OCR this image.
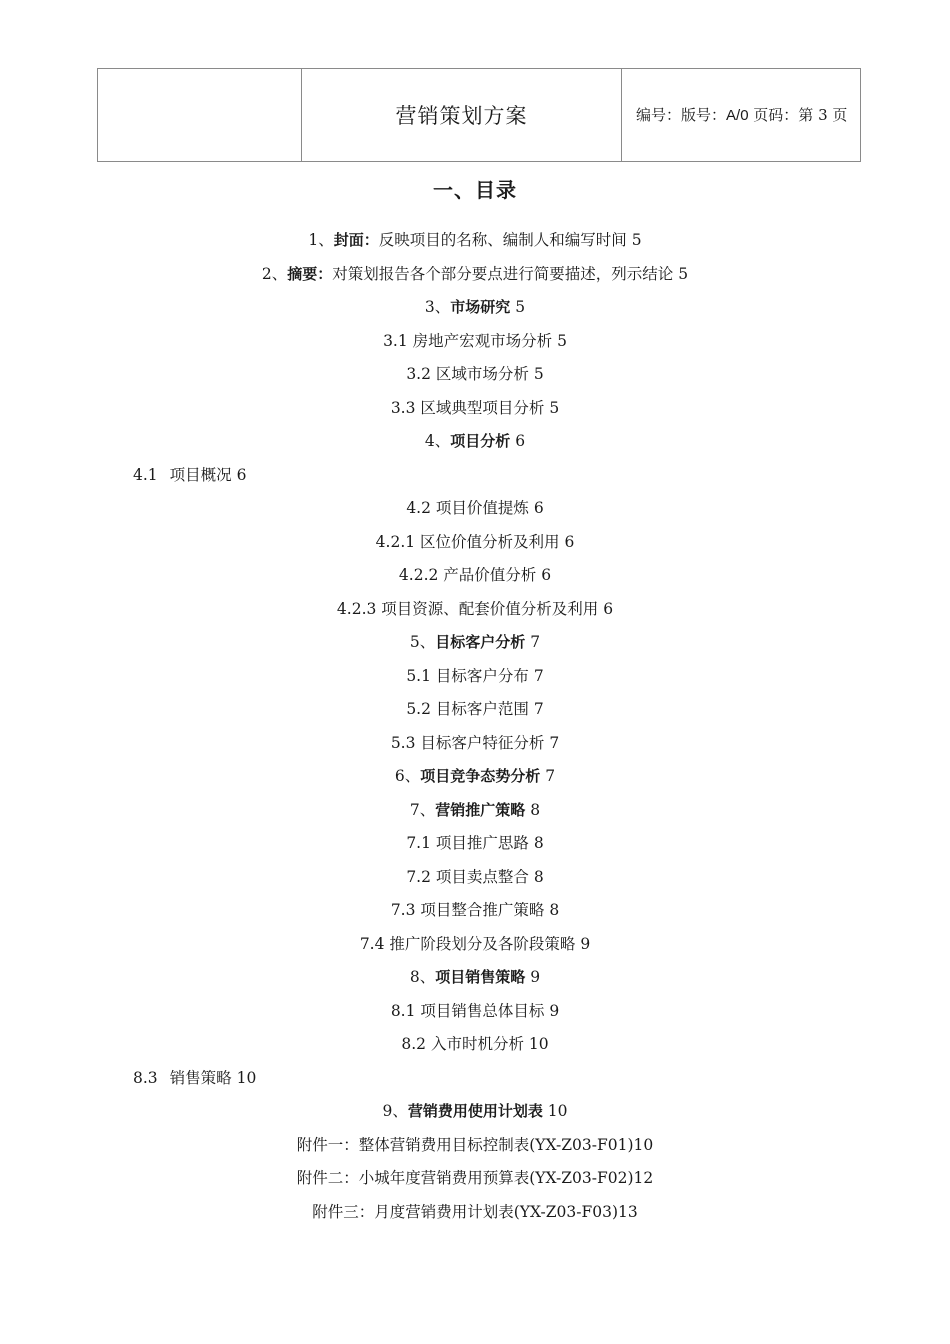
	营销策划方案	编号：版号：A/0 页码：第 3 页
一、目录
1、封面：反映项目的名称、编制人和编写时间 5
2、摘要：对策划报告各个部分要点进行简要描述，列示结论 5
3、市场研究 5
3.1 房地产宏观市场分析 5
3.2 区域市场分析 5
3.3 区域典型项目分析 5
4、项目分析 6
4.1 项目概况 6
4.2 项目价值提炼 6
4.2.1 区位价值分析及利用 6
4.2.2 产品价值分析 6
4.2.3 项目资源、配套价值分析及利用 6
5、目标客户分析 7
5.1 目标客户分布 7
5.2 目标客户范围 7
5.3 目标客户特征分析 7
6、项目竞争态势分析 7
7、营销推广策略 8
7.1 项目推广思路 8
7.2 项目卖点整合 8
7.3 项目整合推广策略 8
7.4 推广阶段划分及各阶段策略 9
8、项目销售策略 9
8.1 项目销售总体目标 9
8.2 入市时机分析 10
8.3 销售策略 10
9、营销费用使用计划表 10
附件一：整体营销费用目标控制表(YX-Z03-F01)10
附件二：小城年度营销费用预算表(YX-Z03-F02)12
附件三：月度营销费用计划表(YX-Z03-F03)13
